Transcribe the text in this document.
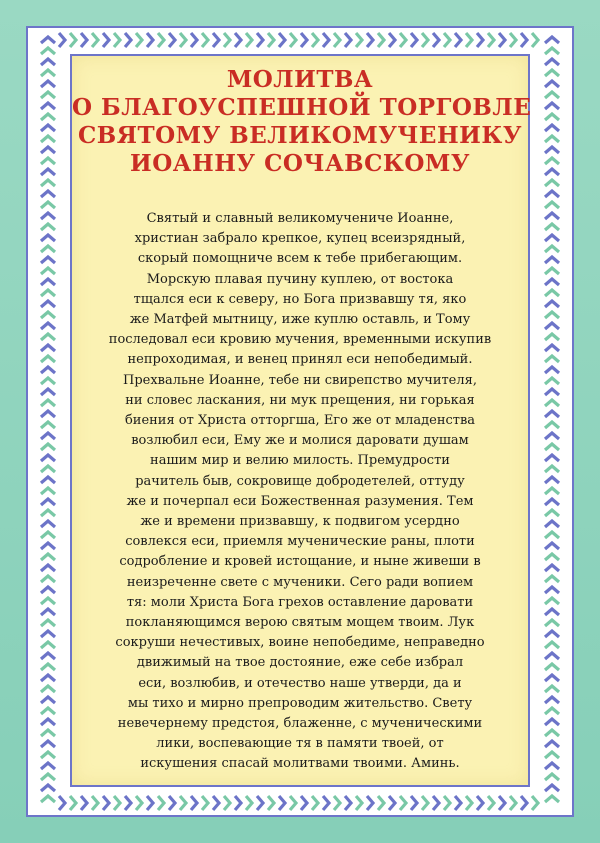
МОЛИТВА
О БЛАГОУСПЕШНОЙ ТОРГОВЛЕ
СВЯТОМУ ВЕЛИКОМУЧЕНИКУ
ИОАННУ СОЧАВСКОМУ
Святый и славный великомучениче Иоанне,
христиан забрало крепкое, купец всеизрядный,
скорый помощниче всем к тебе прибегающим.
Морскую плавая пучину куплею, от востока
тщался еси к северу, но Бога призвавшу тя, яко
же Матфей мытницу, иже куплю оставль, и Тому
последовал еси кровию мучения, временными искупив
непроходимая, и венец принял еси непобедимый.
Прехвальне Иоанне, тебе ни свирепство мучителя,
ни словес ласкания, ни мук прещения, ни горькая
биения от Христа отторгша, Его же от младенства
возлюбил еси, Ему же и молися даровати душам
нашим мир и велию милость. Премудрости
рачитель быв, сокровище добродетелей, оттуду
же и почерпал еси Божественная разумения. Тем
же и времени призвавшу, к подвигом усердно
совлекся еси, приемля мученические раны, плоти
содробление и кровей истощание, и ныне живеши в
неизреченне свете с мученики. Сего ради вопием
тя: моли Христа Бога грехов оставление даровати
покланяющимся верою святым мощем твоим. Лук
сокруши нечестивых, воине непобедиме, неправедно
движимый на твое достояние, еже себе избрал
еси, возлюбив, и отечество наше утверди, да и
мы тихо и мирно препроводим жительство. Свету
невечернему предстоя, блаженне, с мученическими
лики, воспевающие тя в памяти твоей, от
искушения спасай молитвами твоими. Аминь.
